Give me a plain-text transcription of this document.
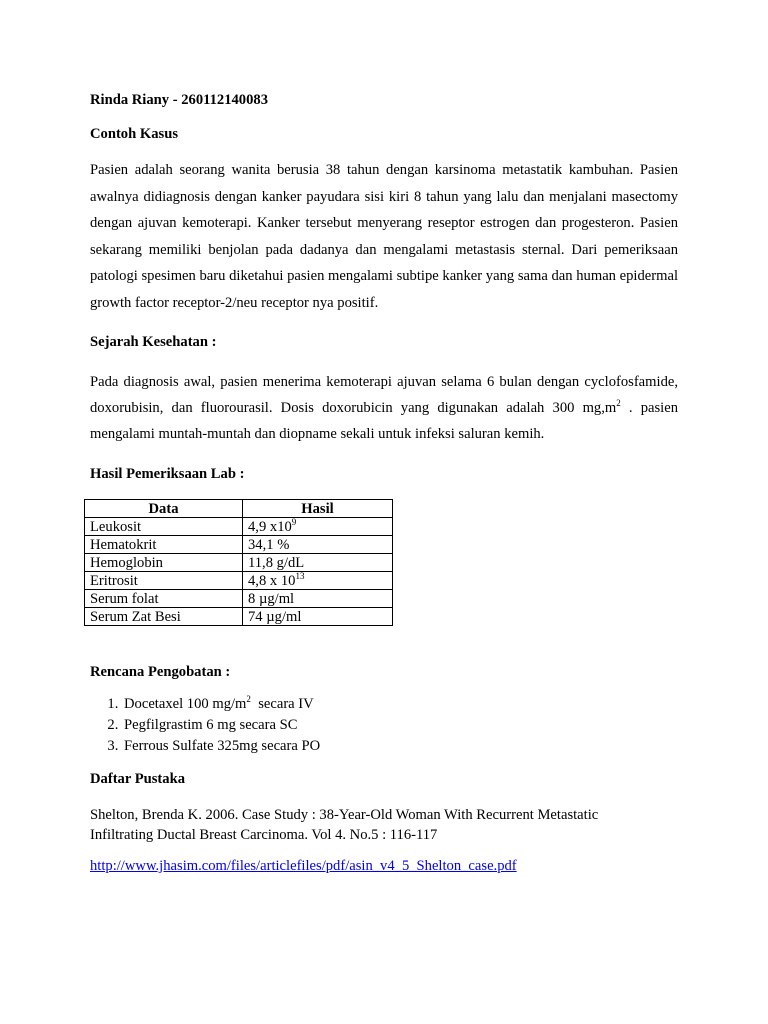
Rinda Riany - 260112140083
Contoh Kasus
Pasien adalah seorang wanita berusia 38 tahun dengan karsinoma metastatik kambuhan. Pasien awalnya didiagnosis dengan kanker payudara sisi kiri 8 tahun yang lalu dan menjalani masectomy dengan ajuvan kemoterapi. Kanker tersebut menyerang reseptor estrogen dan progesteron. Pasien sekarang memiliki benjolan pada dadanya dan mengalami metastasis sternal. Dari pemeriksaan patologi spesimen baru diketahui pasien mengalami subtipe kanker yang sama dan human epidermal growth factor receptor-2/neu receptor nya positif.
Sejarah Kesehatan :
Pada diagnosis awal, pasien menerima kemoterapi ajuvan selama 6 bulan dengan cyclofosfamide, doxorubisin, dan fluorourasil. Dosis doxorubicin yang digunakan adalah 300 $mg,m^2$ . pasien mengalami muntah-muntah dan diopname sekali untuk infeksi saluran kemih.
Hasil Pemeriksaan Lab :
Data	Hasil
Leukosit	4,9 $x10^9$
Hematokrit	34,1 %
Hemoglobin	11,8 g/dL
Eritrosit	4,8 x $10^{13}$
Serum folat	8 µg/ml
Serum Zat Besi	74 µg/ml
Rencana Pengobatan :
1. Docetaxel 100 $mg/m^2$  secara IV
2. Pegfilgrastim 6 mg secara SC
3. Ferrous Sulfate 325mg secara PO
Daftar Pustaka
Shelton, Brenda K. 2006. Case Study : 38-Year-Old Woman With Recurrent Metastatic Infiltrating Ductal Breast Carcinoma. Vol 4. No.5 : 116-117
http://www.jhasim.com/files/articlefiles/pdf/asin_v4_5_Shelton_case.pdf
